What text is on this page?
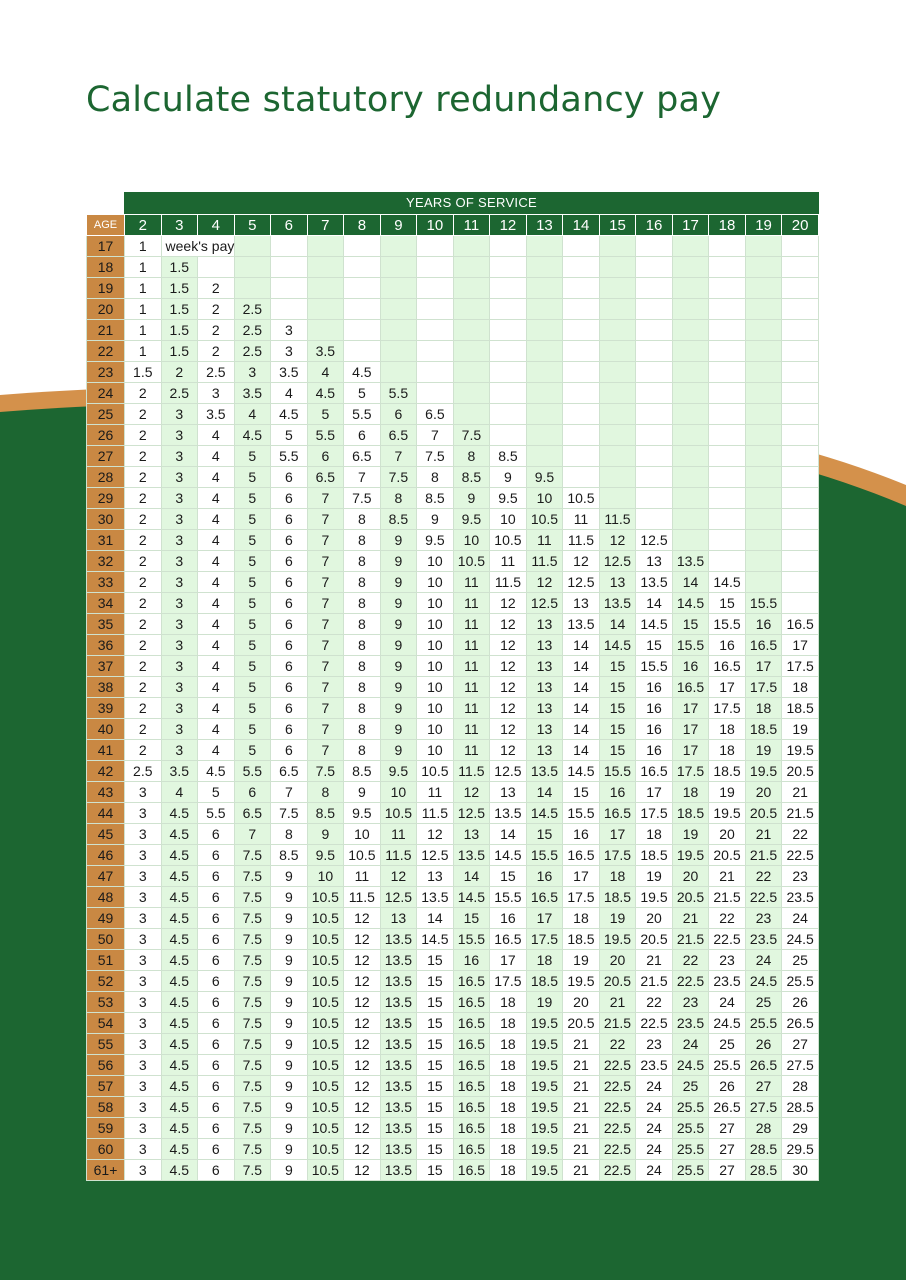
Calculate statutory redundancy pay
YEARS OF SERVICE
AGE	2	3	4	5	6	7	8	9	10	11	12	13	14	15	16	17	18	19	20
17	1	week's pay																	
18	1	1.5																	
19	1	1.5	2																
20	1	1.5	2	2.5															
21	1	1.5	2	2.5	3														
22	1	1.5	2	2.5	3	3.5													
23	1.5	2	2.5	3	3.5	4	4.5												
24	2	2.5	3	3.5	4	4.5	5	5.5											
25	2	3	3.5	4	4.5	5	5.5	6	6.5										
26	2	3	4	4.5	5	5.5	6	6.5	7	7.5									
27	2	3	4	5	5.5	6	6.5	7	7.5	8	8.5								
28	2	3	4	5	6	6.5	7	7.5	8	8.5	9	9.5							
29	2	3	4	5	6	7	7.5	8	8.5	9	9.5	10	10.5						
30	2	3	4	5	6	7	8	8.5	9	9.5	10	10.5	11	11.5					
31	2	3	4	5	6	7	8	9	9.5	10	10.5	11	11.5	12	12.5				
32	2	3	4	5	6	7	8	9	10	10.5	11	11.5	12	12.5	13	13.5			
33	2	3	4	5	6	7	8	9	10	11	11.5	12	12.5	13	13.5	14	14.5		
34	2	3	4	5	6	7	8	9	10	11	12	12.5	13	13.5	14	14.5	15	15.5	
35	2	3	4	5	6	7	8	9	10	11	12	13	13.5	14	14.5	15	15.5	16	16.5
36	2	3	4	5	6	7	8	9	10	11	12	13	14	14.5	15	15.5	16	16.5	17
37	2	3	4	5	6	7	8	9	10	11	12	13	14	15	15.5	16	16.5	17	17.5
38	2	3	4	5	6	7	8	9	10	11	12	13	14	15	16	16.5	17	17.5	18
39	2	3	4	5	6	7	8	9	10	11	12	13	14	15	16	17	17.5	18	18.5
40	2	3	4	5	6	7	8	9	10	11	12	13	14	15	16	17	18	18.5	19
41	2	3	4	5	6	7	8	9	10	11	12	13	14	15	16	17	18	19	19.5
42	2.5	3.5	4.5	5.5	6.5	7.5	8.5	9.5	10.5	11.5	12.5	13.5	14.5	15.5	16.5	17.5	18.5	19.5	20.5
43	3	4	5	6	7	8	9	10	11	12	13	14	15	16	17	18	19	20	21
44	3	4.5	5.5	6.5	7.5	8.5	9.5	10.5	11.5	12.5	13.5	14.5	15.5	16.5	17.5	18.5	19.5	20.5	21.5
45	3	4.5	6	7	8	9	10	11	12	13	14	15	16	17	18	19	20	21	22
46	3	4.5	6	7.5	8.5	9.5	10.5	11.5	12.5	13.5	14.5	15.5	16.5	17.5	18.5	19.5	20.5	21.5	22.5
47	3	4.5	6	7.5	9	10	11	12	13	14	15	16	17	18	19	20	21	22	23
48	3	4.5	6	7.5	9	10.5	11.5	12.5	13.5	14.5	15.5	16.5	17.5	18.5	19.5	20.5	21.5	22.5	23.5
49	3	4.5	6	7.5	9	10.5	12	13	14	15	16	17	18	19	20	21	22	23	24
50	3	4.5	6	7.5	9	10.5	12	13.5	14.5	15.5	16.5	17.5	18.5	19.5	20.5	21.5	22.5	23.5	24.5
51	3	4.5	6	7.5	9	10.5	12	13.5	15	16	17	18	19	20	21	22	23	24	25
52	3	4.5	6	7.5	9	10.5	12	13.5	15	16.5	17.5	18.5	19.5	20.5	21.5	22.5	23.5	24.5	25.5
53	3	4.5	6	7.5	9	10.5	12	13.5	15	16.5	18	19	20	21	22	23	24	25	26
54	3	4.5	6	7.5	9	10.5	12	13.5	15	16.5	18	19.5	20.5	21.5	22.5	23.5	24.5	25.5	26.5
55	3	4.5	6	7.5	9	10.5	12	13.5	15	16.5	18	19.5	21	22	23	24	25	26	27
56	3	4.5	6	7.5	9	10.5	12	13.5	15	16.5	18	19.5	21	22.5	23.5	24.5	25.5	26.5	27.5
57	3	4.5	6	7.5	9	10.5	12	13.5	15	16.5	18	19.5	21	22.5	24	25	26	27	28
58	3	4.5	6	7.5	9	10.5	12	13.5	15	16.5	18	19.5	21	22.5	24	25.5	26.5	27.5	28.5
59	3	4.5	6	7.5	9	10.5	12	13.5	15	16.5	18	19.5	21	22.5	24	25.5	27	28	29
60	3	4.5	6	7.5	9	10.5	12	13.5	15	16.5	18	19.5	21	22.5	24	25.5	27	28.5	29.5
61+	3	4.5	6	7.5	9	10.5	12	13.5	15	16.5	18	19.5	21	22.5	24	25.5	27	28.5	30
